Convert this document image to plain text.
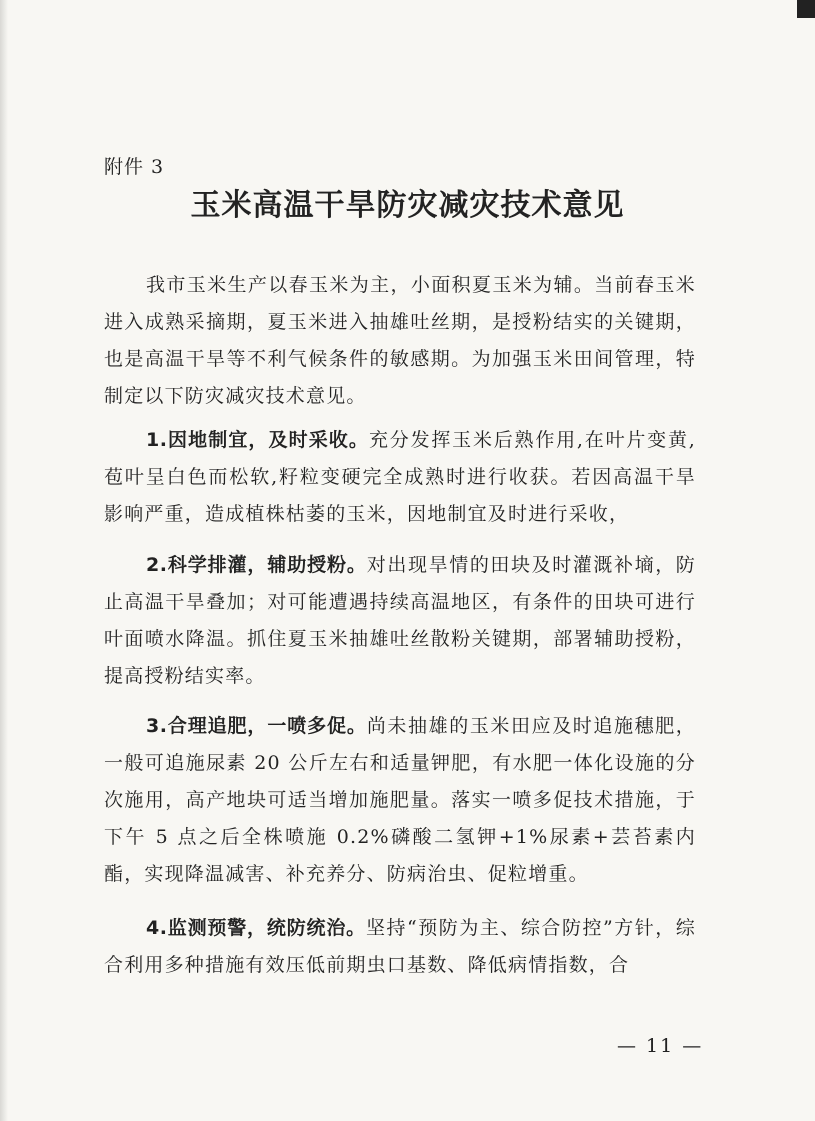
附件 3
玉米高温干旱防灾减灾技术意见
我市玉米生产以春玉米为主，小面积夏玉米为辅。当前春玉米进入成熟采摘期，夏玉米进入抽雄吐丝期，是授粉结实的关键期，也是高温干旱等不利气候条件的敏感期。为加强玉米田间管理，特制定以下防灾减灾技术意见。
1.因地制宜，及时采收。充分发挥玉米后熟作用,在叶片变黄,苞叶呈白色而松软,籽粒变硬完全成熟时进行收获。若因高温干旱影响严重，造成植株枯萎的玉米，因地制宜及时进行采收，
2.科学排灌，辅助授粉。对出现旱情的田块及时灌溉补墒，防止高温干旱叠加；对可能遭遇持续高温地区，有条件的田块可进行叶面喷水降温。抓住夏玉米抽雄吐丝散粉关键期，部署辅助授粉，提高授粉结实率。
3.合理追肥，一喷多促。尚未抽雄的玉米田应及时追施穗肥，一般可追施尿素 20 公斤左右和适量钾肥，有水肥一体化设施的分次施用，高产地块可适当增加施肥量。落实一喷多促技术措施，于下午 5 点之后全株喷施 0.2%磷酸二氢钾+1%尿素+芸苔素内酯，实现降温减害、补充养分、防病治虫、促粒增重。
4.监测预警，统防统治。坚持“预防为主、综合防控”方针，综合利用多种措施有效压低前期虫口基数、降低病情指数，合
— 11 —
